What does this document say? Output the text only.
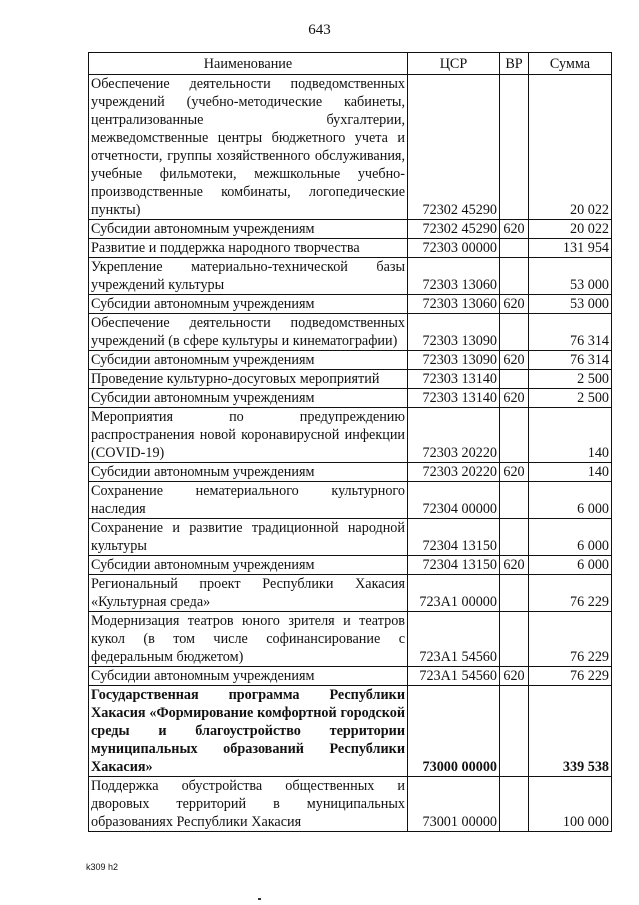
643
Наименование	ЦСР	ВР	Сумма
Обеспечение деятельности подведомственных учреждений (учебно-методические кабинеты, централизованные бухгалтерии, межведомственные центры бюджетного учета и отчетности, группы хозяйственного обслуживания, учебные фильмотеки, межшкольные учебно-производственные комбинаты, логопедические пункты)	72302 45290		20 022
Субсидии автономным учреждениям	72302 45290	620	20 022
Развитие и поддержка народного творчества	72303 00000		131 954
Укрепление материально-технической базы учреждений культуры	72303 13060		53 000
Субсидии автономным учреждениям	72303 13060	620	53 000
Обеспечение деятельности подведомственных учреждений (в сфере культуры и кинематографии)	72303 13090		76 314
Субсидии автономным учреждениям	72303 13090	620	76 314
Проведение культурно-досуговых мероприятий	72303 13140		2 500
Субсидии автономным учреждениям	72303 13140	620	2 500
Мероприятия по предупреждению распространения новой коронавирусной инфекции (COVID-19)	72303 20220		140
Субсидии автономным учреждениям	72303 20220	620	140
Сохранение нематериального культурного наследия	72304 00000		6 000
Сохранение и развитие традиционной народной культуры	72304 13150		6 000
Субсидии автономным учреждениям	72304 13150	620	6 000
Региональный проект Республики Хакасия «Культурная среда»	723A1 00000		76 229
Модернизация театров юного зрителя и театров кукол (в том числе софинансирование с федеральным бюджетом)	723A1 54560		76 229
Субсидии автономным учреждениям	723A1 54560	620	76 229
Государственная программа Республики Хакасия «Формирование комфортной городской среды и благоустройство территории муниципальных образований Республики Хакасия»	73000 00000		339 538
Поддержка обустройства общественных и дворовых территорий в муниципальных образованиях Республики Хакасия	73001 00000		100 000
k309 h2
